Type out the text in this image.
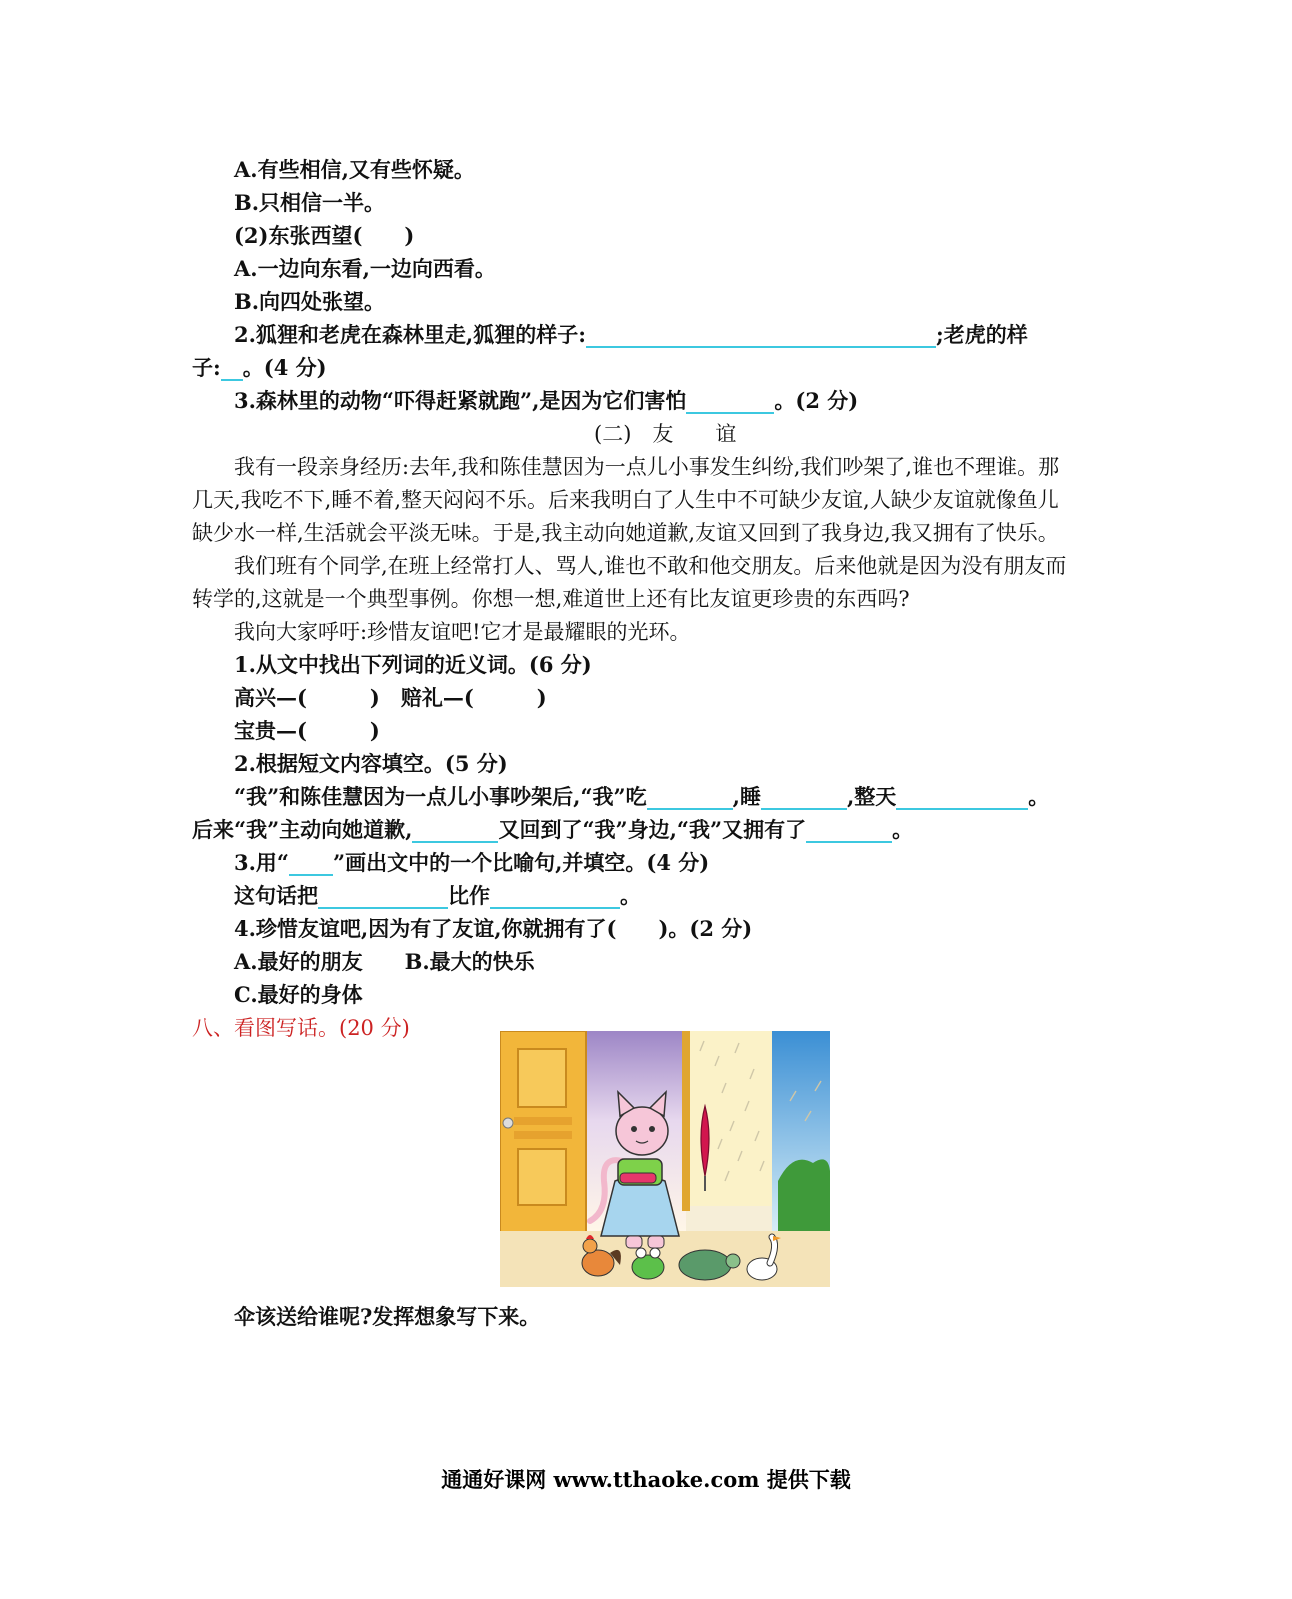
A.有些相信,又有些怀疑。
B.只相信一半。
(2)东张西望(　　)
A.一边向东看,一边向西看。
B.向四处张望。
2.狐狸和老虎在森林里走,狐狸的样子:	;老虎的样
子: 。(4 分)
3.森林里的动物“吓得赶紧就跑”,是因为它们害怕	。(2 分)
(二)　友　　谊
我有一段亲身经历:去年,我和陈佳慧因为一点儿小事发生纠纷,我们吵架了,谁也不理谁。那
几天,我吃不下,睡不着,整天闷闷不乐。后来我明白了人生中不可缺少友谊,人缺少友谊就像鱼儿
缺少水一样,生活就会平淡无味。于是,我主动向她道歉,友谊又回到了我身边,我又拥有了快乐。
我们班有个同学,在班上经常打人、骂人,谁也不敢和他交朋友。后来他就是因为没有朋友而
转学的,这就是一个典型事例。你想一想,难道世上还有比友谊更珍贵的东西吗?
我向大家呼吁:珍惜友谊吧!它才是最耀眼的光环。
1.从文中找出下列词的近义词。(6 分)
高兴—(　　　)　赔礼—(　　　)
宝贵—(　　　)
2.根据短文内容填空。(5 分)
“我”和陈佳慧因为一点儿小事吵架后,“我”吃	,睡	,整天	。
后来“我”主动向她道歉,	又回到了“我”身边,“我”又拥有了	。
3.用“ ”画出文中的一个比喻句,并填空。(4 分)
这句话把	比作	。
4.珍惜友谊吧,因为有了友谊,你就拥有了(　　)。(2 分)
A.最好的朋友　　B.最大的快乐
C.最好的身体
八、看图写话。(20 分)
伞该送给谁呢?发挥想象写下来。
通通好课网 www.tthaoke.com 提供下载
